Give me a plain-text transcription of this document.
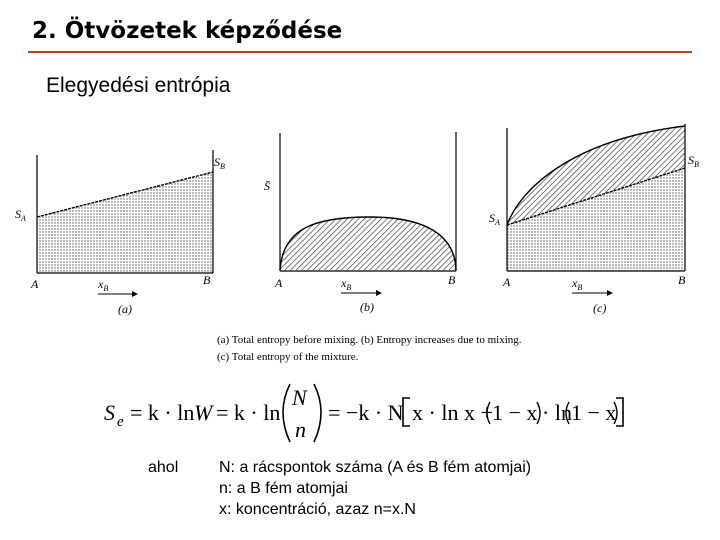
2. Ötvözetek képződése
Elegyedési entrópia
$S_A$
$S_B$
A	B
$x_B$
(a)
S̄
A	B
$x_B$
(b)
$S_A$
$S_B$
A	B
$x_B$
(c)
(a) Total entropy before mixing. (b) Entropy increases due to mixing.
(c) Total entropy of the mixture.
S e = k · ln W = k · ln
N
n
= −k · N x · ln x + 1 − x · ln 1 − x
ahol	N: a rácspontok száma (A és B fém atomjai)
n: a B fém atomjai
x: koncentráció, azaz n=x.N
